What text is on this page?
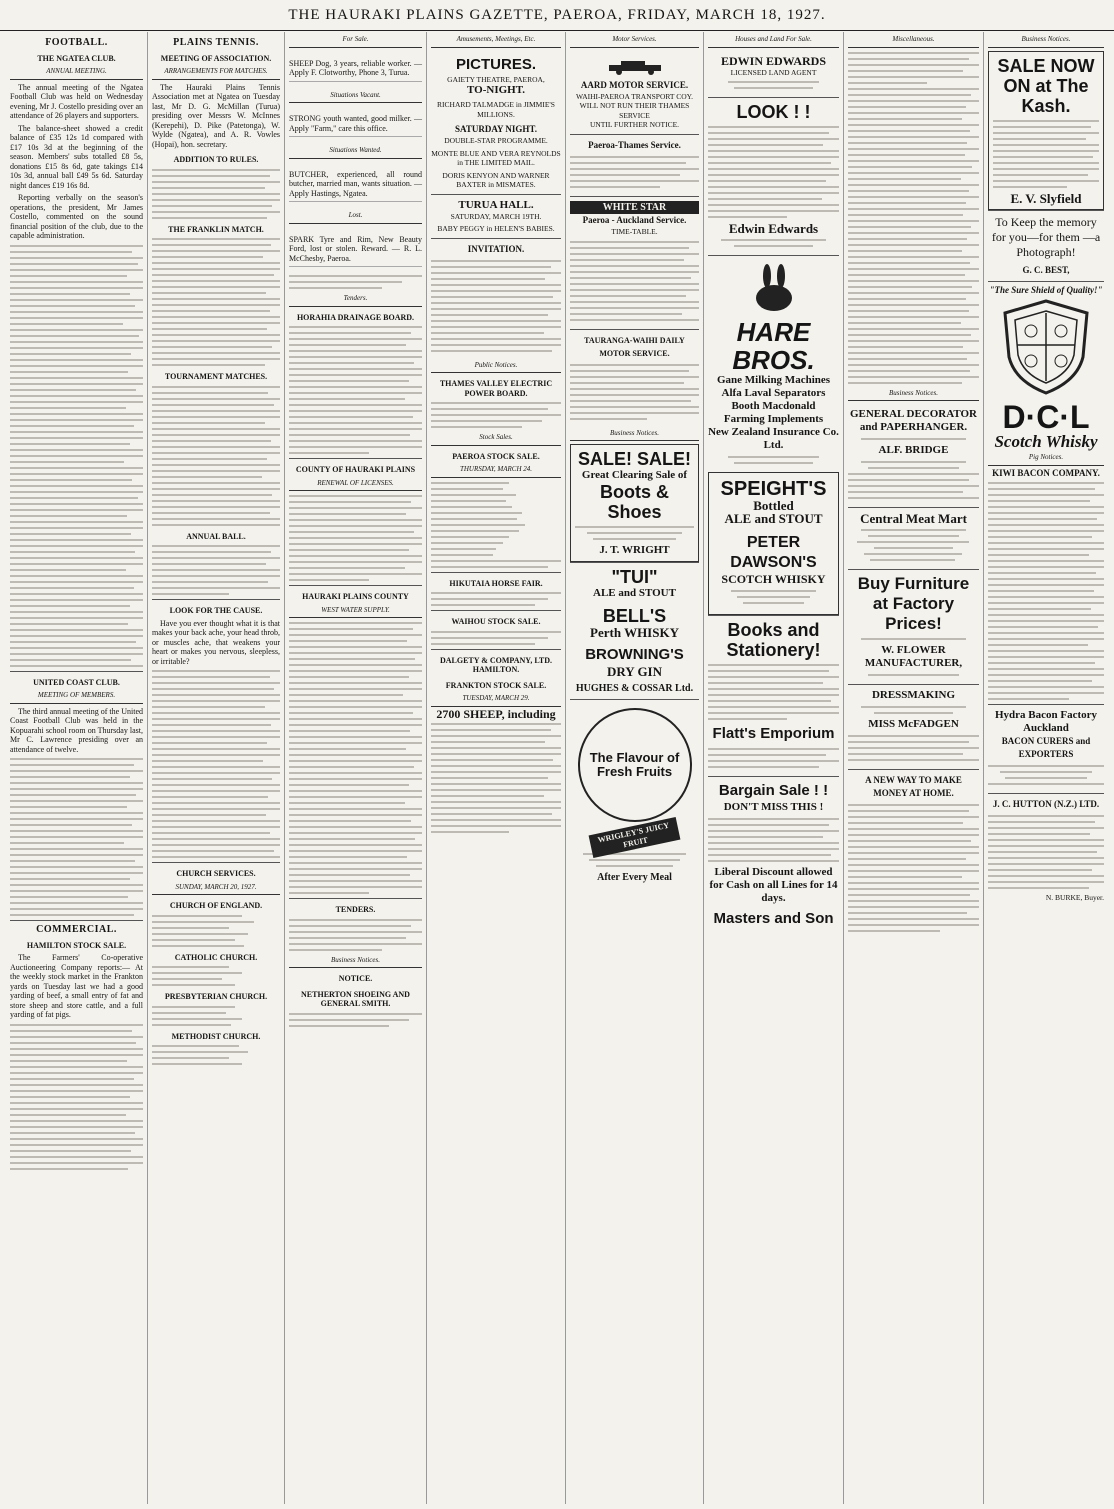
THE HAURAKI PLAINS GAZETTE, PAEROA, FRIDAY, MARCH 18, 1927.
FOOTBALL.
THE NGATEA CLUB.
ANNUAL MEETING.

The annual meeting of the Ngatea Football Club was held on Wednesday evening, Mr J. Costello presiding over an attendance of 26 players and supporters.

The balance-sheet showed a credit balance of £35 12s 1d compared with £17 10s 3d at the beginning of the season. Members' subs totalled £8 5s, donations £15 8s 6d, gate takings £14 10s 3d, annual ball £49 5s 6d. Saturday night dances £19 16s 8d.

Reporting verbally on the season's operations, the president, Mr James Costello, commented on the sound financial position of the club, due to the capable administration.

UNITED COAST CLUB.
MEETING OF MEMBERS.

The third annual meeting of the United Coast Football Club was held in the Kopuarahi school room on Thursday last, Mr C. Lawrence presiding over an attendance of twelve.

COMMERCIAL.
HAMILTON STOCK SALE.

The Farmers' Co-operative Auctioneering Company reports:— At the weekly stock market in the Frankton yards on Tuesday last we had a good yarding of beef, a small entry of fat and store sheep and store cattle, and a full yarding of fat pigs.

PLAINS TENNIS.
MEETING OF ASSOCIATION.
ARRANGEMENTS FOR MATCHES.

The Hauraki Plains Tennis Association met at Ngatea on Tuesday last, Mr D. G. McMillan (Turua) presiding over Messrs W. McInnes (Kerepehi), D. Pike (Patetonga), W. Wylde (Ngatea), and A. R. Vowles (Hopai), hon. secretary.

ADDITION TO RULES.
THE FRANKLIN MATCH.
TOURNAMENT MATCHES.
ANNUAL BALL.
LOOK FOR THE CAUSE.

Have you ever thought what it is that makes your back ache, your head throb, or muscles ache, that weakens your heart or makes you nervous, sleepless, or irritable?

CHURCH SERVICES.
SUNDAY, MARCH 20, 1927.
CHURCH OF ENGLAND.
CATHOLIC CHURCH.
PRESBYTERIAN CHURCH.
METHODIST CHURCH.
For Sale.

SHEEP Dog, 3 years, reliable worker. — Apply F. Clotworthy, Phone 3, Turua.

Situations Vacant.

STRONG youth wanted, good milker. — Apply "Farm," care this office.

Situations Wanted.

BUTCHER, experienced, all round butcher, married man, wants situation. — Apply Hastings, Ngatea.

Lost.

SPARK Tyre and Rim, New Beauty Ford, lost or stolen. Reward. — R. L. McChesby, Paeroa.

Tenders.
HORAHIA DRAINAGE BOARD.
COUNTY OF HAURAKI PLAINS
RENEWAL OF LICENSES.
HAURAKI PLAINS COUNTY
WEST WATER SUPPLY.
TENDERS.
Business Notices.
NOTICE.
NETHERTON SHOEING AND GENERAL SMITH.
Amusements, Meetings, Etc.
PICTURES.
GAIETY THEATRE, PAEROA,
TO-NIGHT.
RICHARD TALMADGE in JIMMIE'S MILLIONS.
SATURDAY NIGHT.
DOUBLE-STAR PROGRAMME.
MONTE BLUE AND VERA REYNOLDS in THE LIMITED MAIL.
DORIS KENYON AND WARNER BAXTER in MISMATES.
TURUA HALL.
SATURDAY, MARCH 19TH.
BABY PEGGY in HELEN'S BABIES.
INVITATION.
Public Notices.
THAMES VALLEY ELECTRIC POWER BOARD.
Stock Sales.
PAEROA STOCK SALE.
THURSDAY, MARCH 24.
HIKUTAIA HORSE FAIR.
WAIHOU STOCK SALE.
DALGETY & COMPANY, LTD. HAMILTON.
FRANKTON STOCK SALE.
TUESDAY, MARCH 29.
2700 SHEEP, including
Motor Services.
AARD MOTOR SERVICE.
WAIHI-PAEROA TRANSPORT COY.
WILL NOT RUN THEIR THAMES SERVICE
UNTIL FURTHER NOTICE.
Paeroa-Thames Service.
WHITE STAR
Paeroa - Auckland Service.
TIME-TABLE.
TAURANGA-WAIHI DAILY MOTOR SERVICE.
Business Notices.
SALE! SALE!
Great Clearing Sale of
Boots & Shoes
J. T. WRIGHT
"TUI"
ALE and STOUT
BELL'S
Perth WHISKY
BROWNING'S
DRY GIN
HUGHES & COSSAR Ltd.
The Flavour of Fresh Fruits
WRIGLEY'S JUICY FRUIT
After Every Meal
Houses and Land For Sale.
EDWIN EDWARDS
LICENSED LAND AGENT
LOOK ! !
Edwin Edwards
HARE BROS.
Gane Milking Machines
Alfa Laval Separators
Booth Macdonald
Farming Implements
New Zealand Insurance Co. Ltd.
SPEIGHT'S
Bottled
ALE and STOUT
PETER DAWSON'S
SCOTCH WHISKY
Books and Stationery!
Flatt's Emporium
Bargain Sale ! !
DON'T MISS THIS !
Liberal Discount allowed for Cash on all Lines for 14 days.
Masters and Son
Miscellaneous.
Business Notices.
GENERAL DECORATOR and PAPERHANGER.
ALF. BRIDGE
Central Meat Mart
Buy Furniture at Factory Prices!
W. FLOWER MANUFACTURER,
DRESSMAKING
MISS McFADGEN
A NEW WAY TO MAKE MONEY AT HOME.
Business Notices.
SALE NOW ON at The Kash.
E. V. Slyfield
To Keep the memory for you—for them —a Photograph!
G. C. BEST,
"The Sure Shield of Quality!"
D·C·L
Scotch Whisky
Pig Notices.
KIWI BACON COMPANY.
Hydra Bacon Factory Auckland
BACON CURERS and EXPORTERS
J. C. HUTTON (N.Z.) LTD.
N. BURKE, Buyer.
